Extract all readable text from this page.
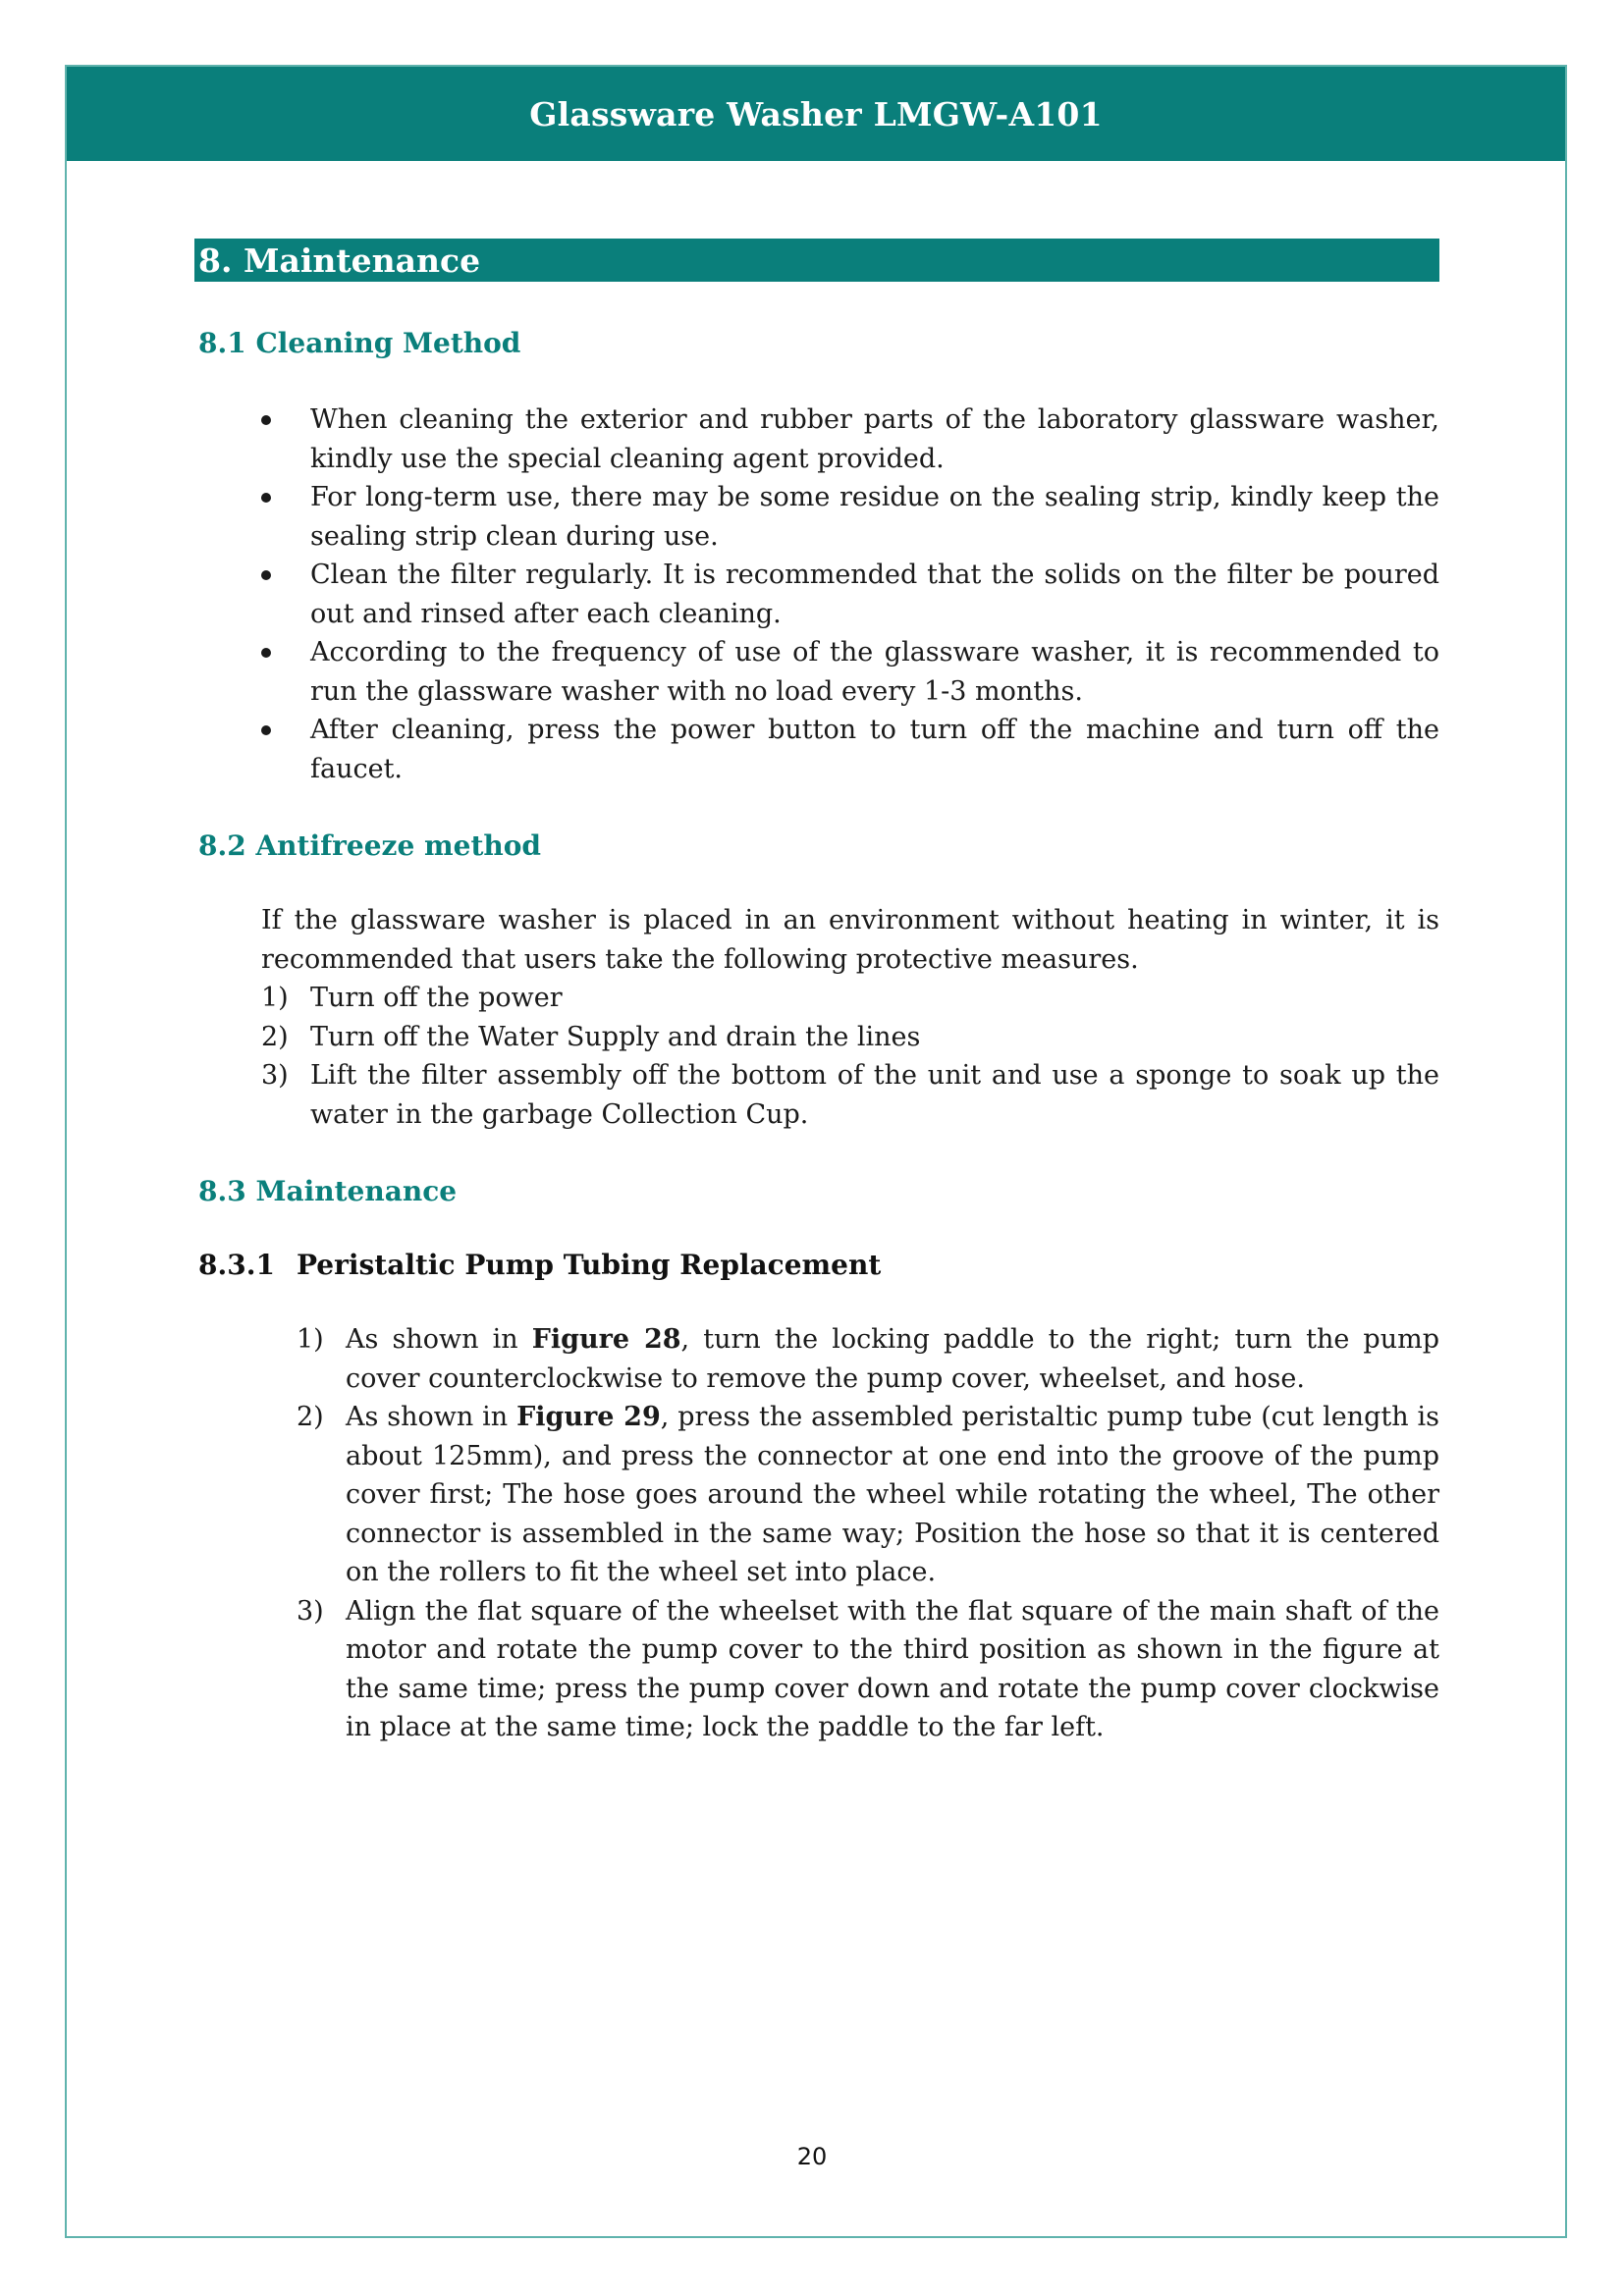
Glassware Washer LMGW-A101
8. Maintenance
8.1 Cleaning Method
When cleaning the exterior and rubber parts of the laboratory glassware washer, kindly use the special cleaning agent provided.
For long-term use, there may be some residue on the sealing strip, kindly keep the sealing strip clean during use.
Clean the filter regularly. It is recommended that the solids on the filter be poured out and rinsed after each cleaning.
According to the frequency of use of the glassware washer, it is recommended to run the glassware washer with no load every 1-3 months.
After cleaning, press the power button to turn off the machine and turn off the faucet.
8.2 Antifreeze method
If the glassware washer is placed in an environment without heating in winter, it is recommended that users take the following protective measures.
1) Turn off the power
2) Turn off the Water Supply and drain the lines
3) Lift the filter assembly off the bottom of the unit and use a sponge to soak up the water in the garbage Collection Cup.
8.3 Maintenance
8.3.1 Peristaltic Pump Tubing Replacement
1) As shown in Figure 28, turn the locking paddle to the right; turn the pump cover counterclockwise to remove the pump cover, wheelset, and hose.
2) As shown in Figure 29, press the assembled peristaltic pump tube (cut length is about 125mm), and press the connector at one end into the groove of the pump cover first; The hose goes around the wheel while rotating the wheel, The other connector is assembled in the same way; Position the hose so that it is centered on the rollers to fit the wheel set into place.
3) Align the flat square of the wheelset with the flat square of the main shaft of the motor and rotate the pump cover to the third position as shown in the figure at the same time; press the pump cover down and rotate the pump cover clockwise in place at the same time; lock the paddle to the far left.
20
